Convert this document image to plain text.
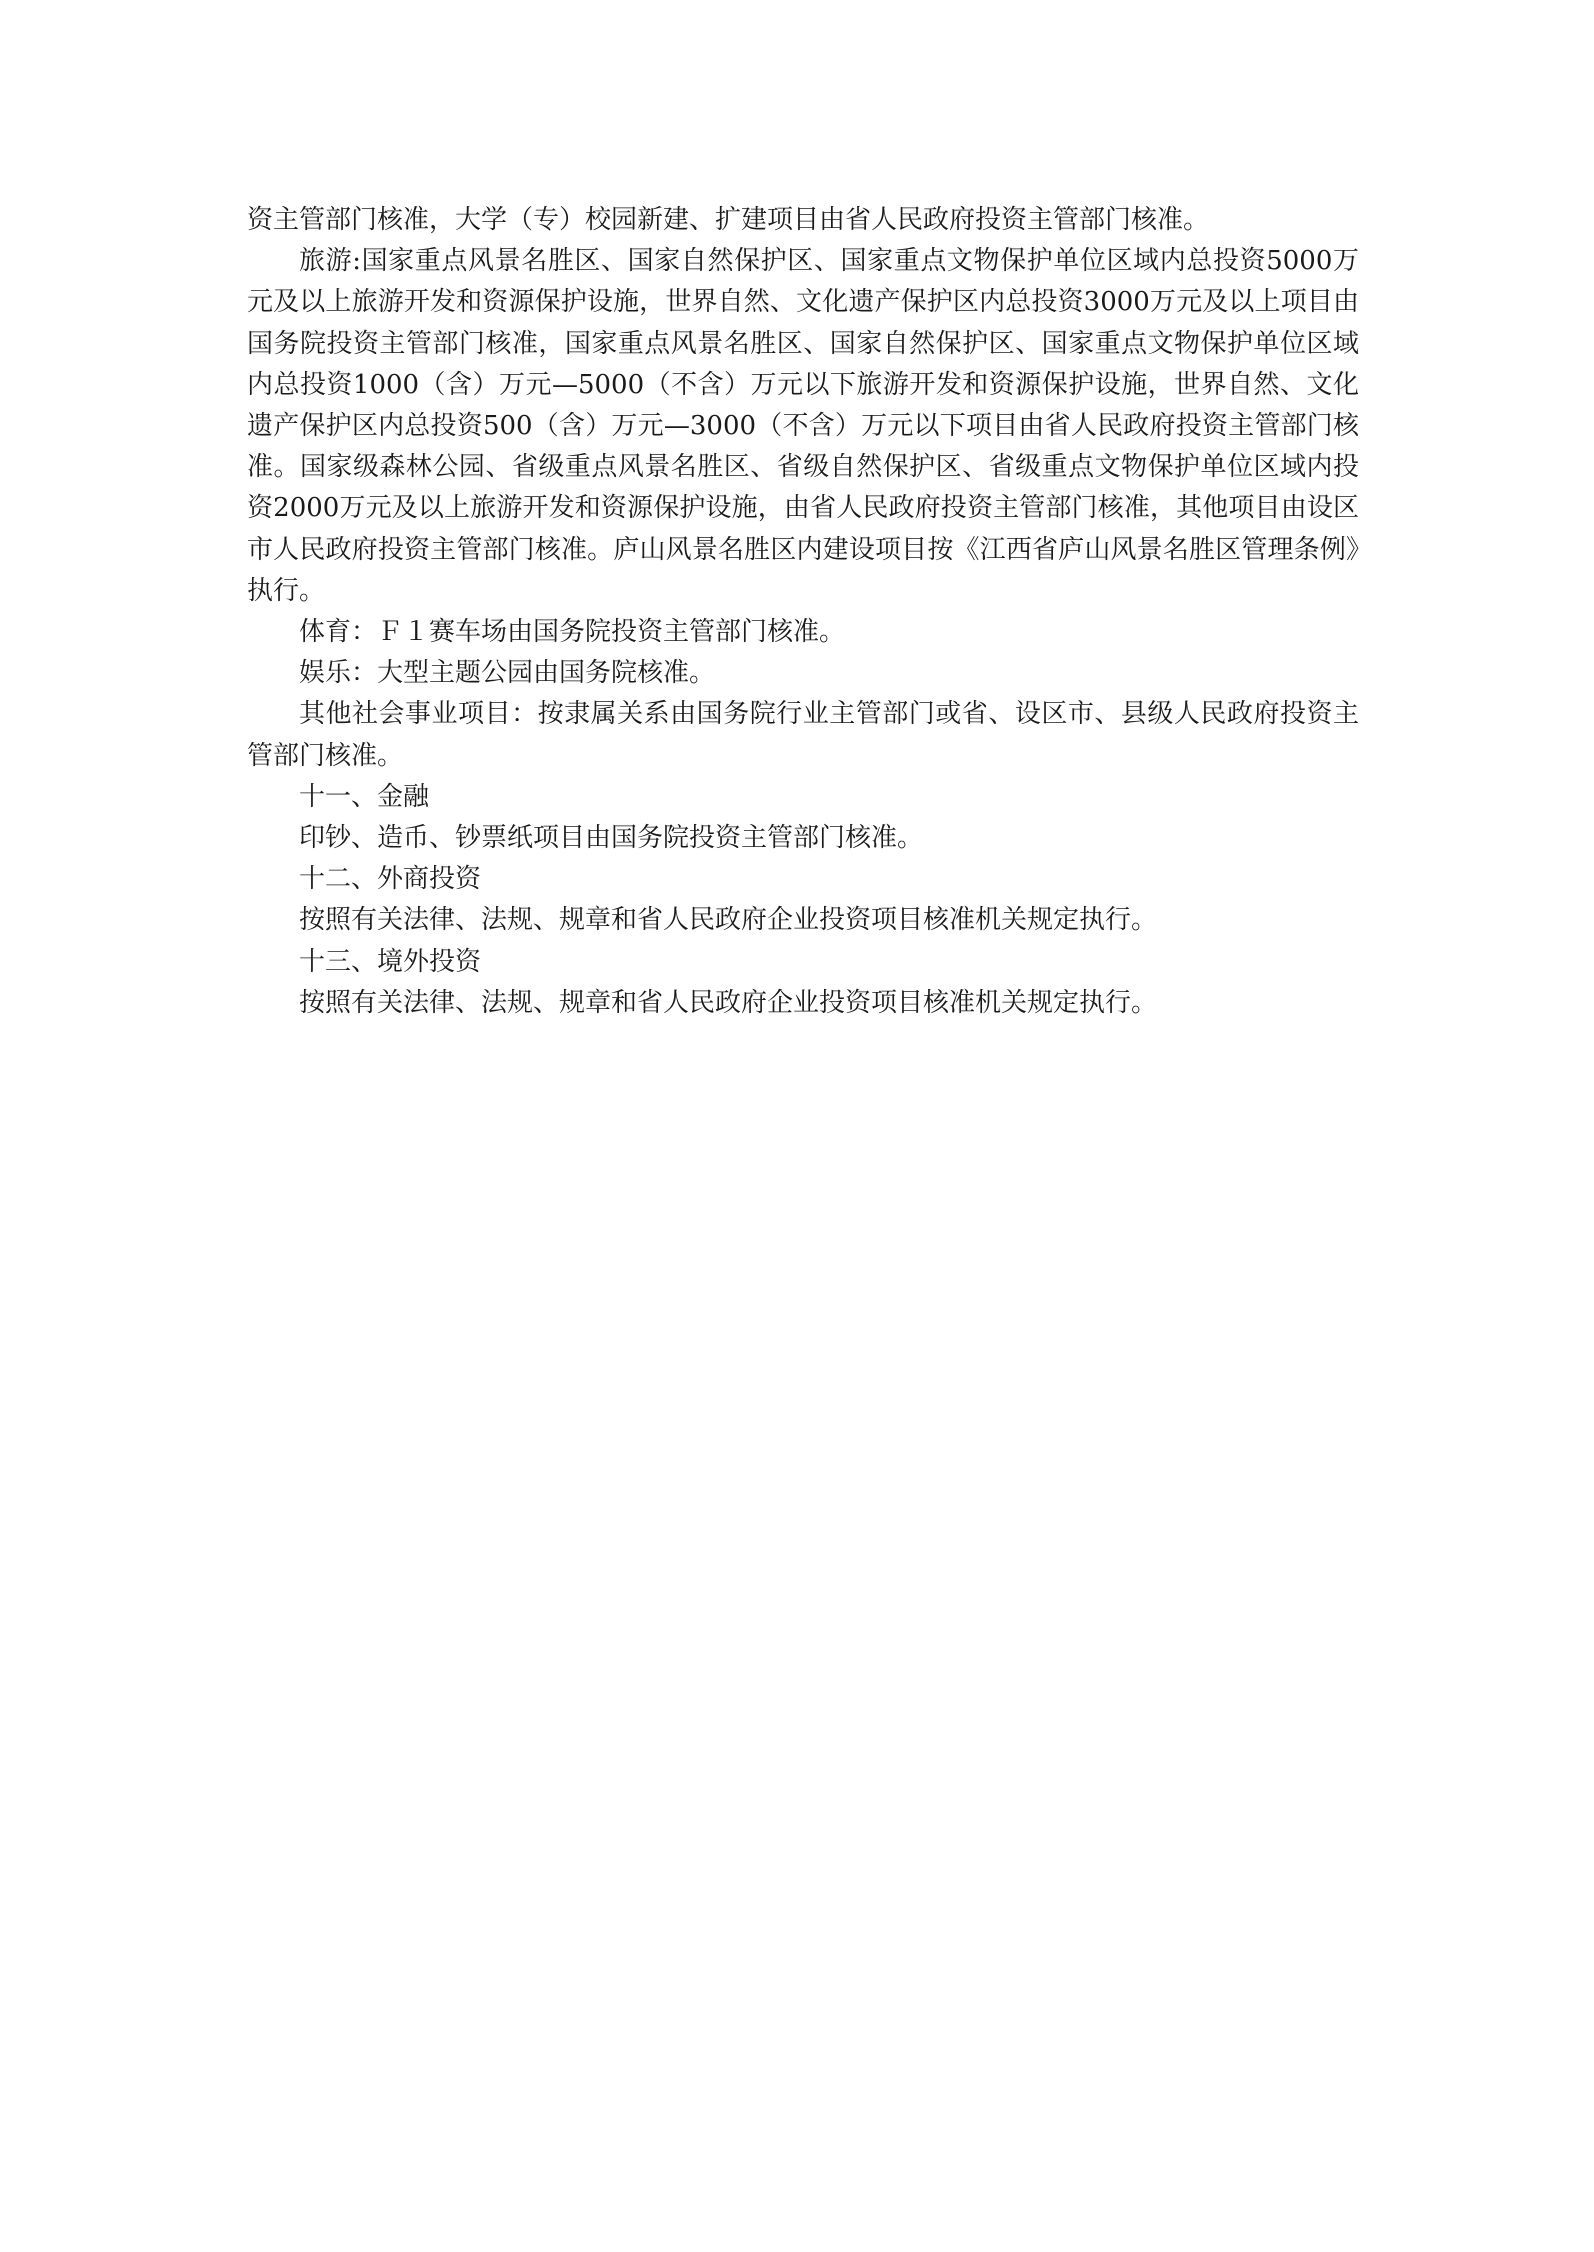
资主管部门核准，大学（专）校园新建、扩建项目由省人民政府投资主管部门核准。

旅游:国家重点风景名胜区、国家自然保护区、国家重点文物保护单位区域内总投资5000万元及以上旅游开发和资源保护设施，世界自然、文化遗产保护区内总投资3000万元及以上项目由国务院投资主管部门核准，国家重点风景名胜区、国家自然保护区、国家重点文物保护单位区域内总投资1000（含）万元—5000（不含）万元以下旅游开发和资源保护设施，世界自然、文化遗产保护区内总投资500（含）万元—3000（不含）万元以下项目由省人民政府投资主管部门核准。国家级森林公园、省级重点风景名胜区、省级自然保护区、省级重点文物保护单位区域内投资2000万元及以上旅游开发和资源保护设施，由省人民政府投资主管部门核准，其他项目由设区市人民政府投资主管部门核准。庐山风景名胜区内建设项目按《江西省庐山风景名胜区管理条例》执行。

体育：Ｆ１赛车场由国务院投资主管部门核准。

娱乐：大型主题公园由国务院核准。

其他社会事业项目：按隶属关系由国务院行业主管部门或省、设区市、县级人民政府投资主管部门核准。

十一、金融

印钞、造币、钞票纸项目由国务院投资主管部门核准。

十二、外商投资

按照有关法律、法规、规章和省人民政府企业投资项目核准机关规定执行。

十三、境外投资

按照有关法律、法规、规章和省人民政府企业投资项目核准机关规定执行。
